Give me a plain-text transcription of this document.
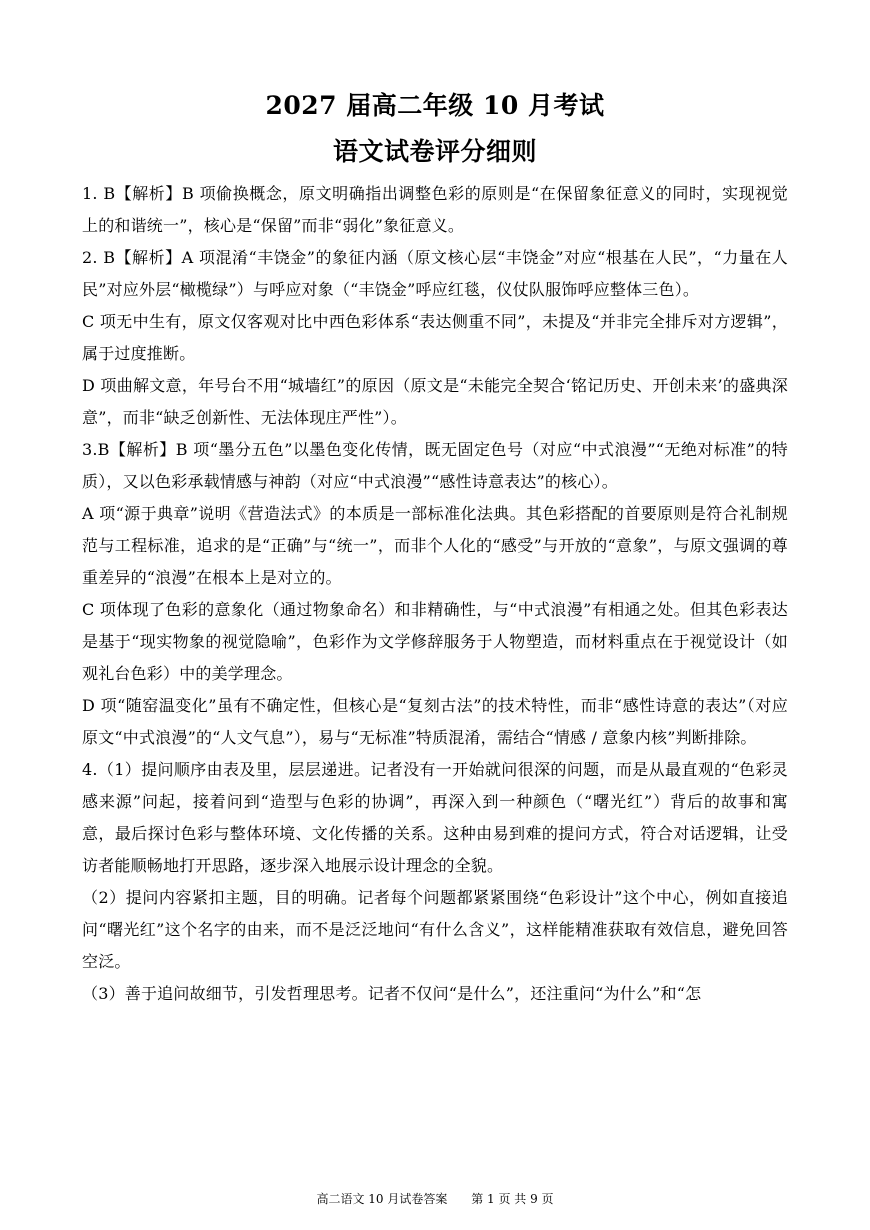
2027 届高二年级 10 月考试
语文试卷评分细则

1. B【解析】B 项偷换概念，原文明确指出调整色彩的原则是“在保留象征意义的同时，实现视觉上的和谐统一”，核心是“保留”而非“弱化”象征意义。

2. B【解析】A 项混淆“丰饶金”的象征内涵（原文核心层“丰饶金”对应“根基在人民”，“力量在人民”对应外层“橄榄绿”）与呼应对象（“丰饶金”呼应红毯，仪仗队服饰呼应整体三色）。

C 项无中生有，原文仅客观对比中西色彩体系“表达侧重不同”，未提及“并非完全排斥对方逻辑”，属于过度推断。

D 项曲解文意，年号台不用“城墙红”的原因（原文是“未能完全契合‘铭记历史、开创未来’的盛典深意”，而非“缺乏创新性、无法体现庄严性”）。

3.B【解析】B 项“墨分五色”以墨色变化传情，既无固定色号（对应“中式浪漫”“无绝对标准”的特质），又以色彩承载情感与神韵（对应“中式浪漫”“感性诗意表达”的核心）。

A 项“源于典章”说明《营造法式》的本质是一部标准化法典。其色彩搭配的首要原则是符合礼制规范与工程标准，追求的是“正确”与“统一”，而非个人化的“感受”与开放的“意象”，与原文强调的尊重差异的“浪漫”在根本上是对立的。

C 项体现了色彩的意象化（通过物象命名）和非精确性，与“中式浪漫”有相通之处。但其色彩表达是基于“现实物象的视觉隐喻”，色彩作为文学修辞服务于人物塑造，而材料重点在于视觉设计（如观礼台色彩）中的美学理念。

D 项“随窑温变化”虽有不确定性，但核心是“复刻古法”的技术特性，而非“感性诗意的表达”（对应原文“中式浪漫”的“人文气息”），易与“无标准”特质混淆，需结合“情感 / 意象内核”判断排除。

4.（1）提问顺序由表及里，层层递进。记者没有一开始就问很深的问题，而是从最直观的“色彩灵感来源”问起，接着问到“造型与色彩的协调”，再深入到一种颜色（“曙光红”）背后的故事和寓意，最后探讨色彩与整体环境、文化传播的关系。这种由易到难的提问方式，符合对话逻辑，让受访者能顺畅地打开思路，逐步深入地展示设计理念的全貌。

（2）提问内容紧扣主题，目的明确。记者每个问题都紧紧围绕“色彩设计”这个中心，例如直接追问“曙光红”这个名字的由来，而不是泛泛地问“有什么含义”，这样能精准获取有效信息，避免回答空泛。

（3）善于追问故细节，引发哲理思考。记者不仅问“是什么”，还注重问“为什么”和“怎

高二语文 10 月试卷答案 第 1 页 共 9 页
